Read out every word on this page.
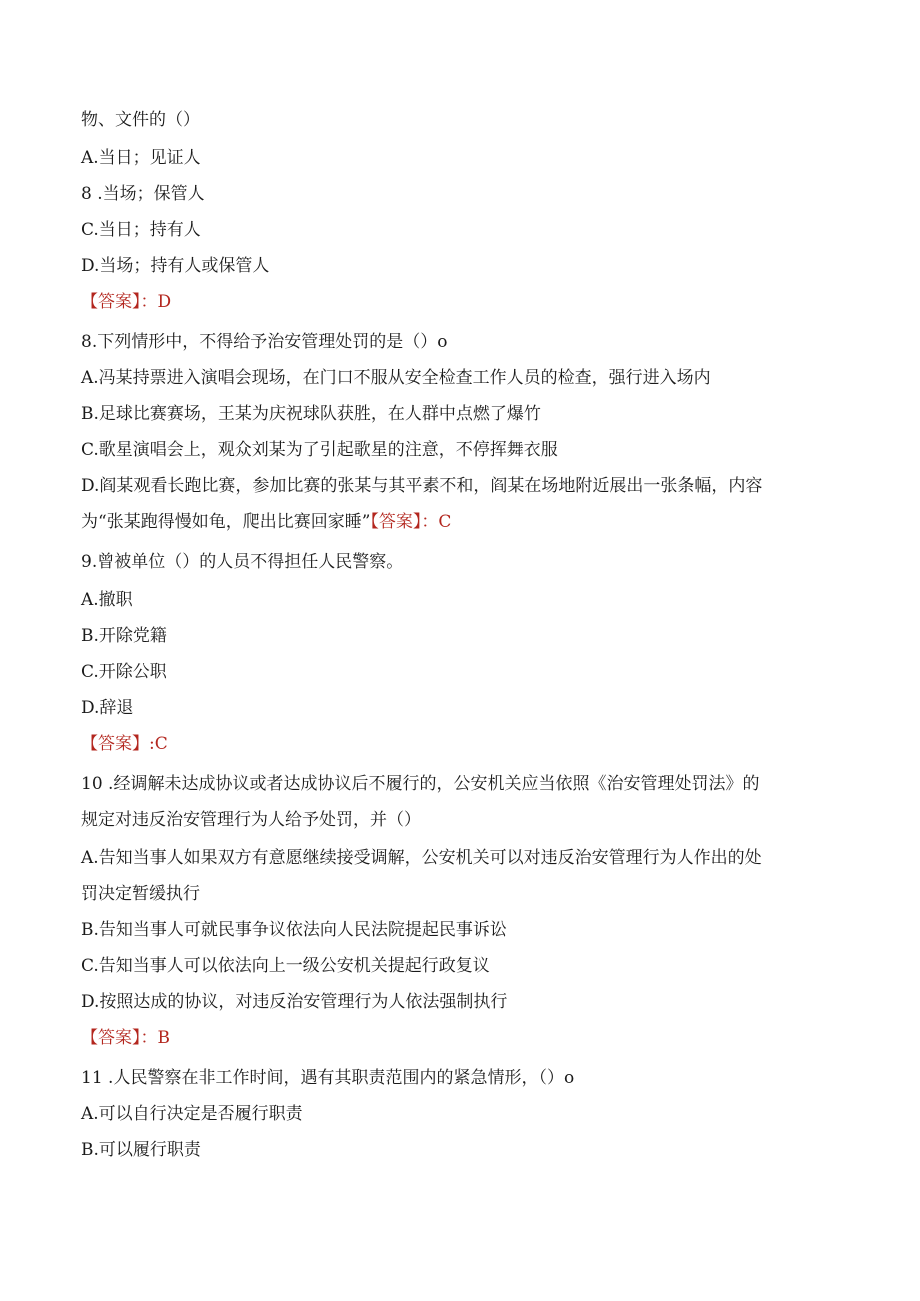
物、文件的（）
A.当日；见证人
8 .当场；保管人
C.当日；持有人
D.当场；持有人或保管人
【答案】：D
8.下列情形中，不得给予治安管理处罚的是（）o
A.冯某持票进入演唱会现场，在门口不服从安全检查工作人员的检查，强行进入场内
B.足球比赛赛场，王某为庆祝球队获胜，在人群中点燃了爆竹
C.歌星演唱会上，观众刘某为了引起歌星的注意，不停挥舞衣服
D.阎某观看长跑比赛，参加比赛的张某与其平素不和，阎某在场地附近展出一张条幅，内容
为“张某跑得慢如龟，爬出比赛回家睡”【答案】：C
9.曾被单位（）的人员不得担任人民警察。
A.撤职
B.开除党籍
C.开除公职
D.辞退
【答案】:C
10 .经调解未达成协议或者达成协议后不履行的，公安机关应当依照《治安管理处罚法》的
规定对违反治安管理行为人给予处罚，并（）
A.告知当事人如果双方有意愿继续接受调解，公安机关可以对违反治安管理行为人作出的处
罚决定暂缓执行
B.告知当事人可就民事争议依法向人民法院提起民事诉讼
C.告知当事人可以依法向上一级公安机关提起行政复议
D.按照达成的协议，对违反治安管理行为人依法强制执行
【答案】：B
11 .人民警察在非工作时间，遇有其职责范围内的紧急情形，（）o
A.可以自行决定是否履行职责
B.可以履行职责
